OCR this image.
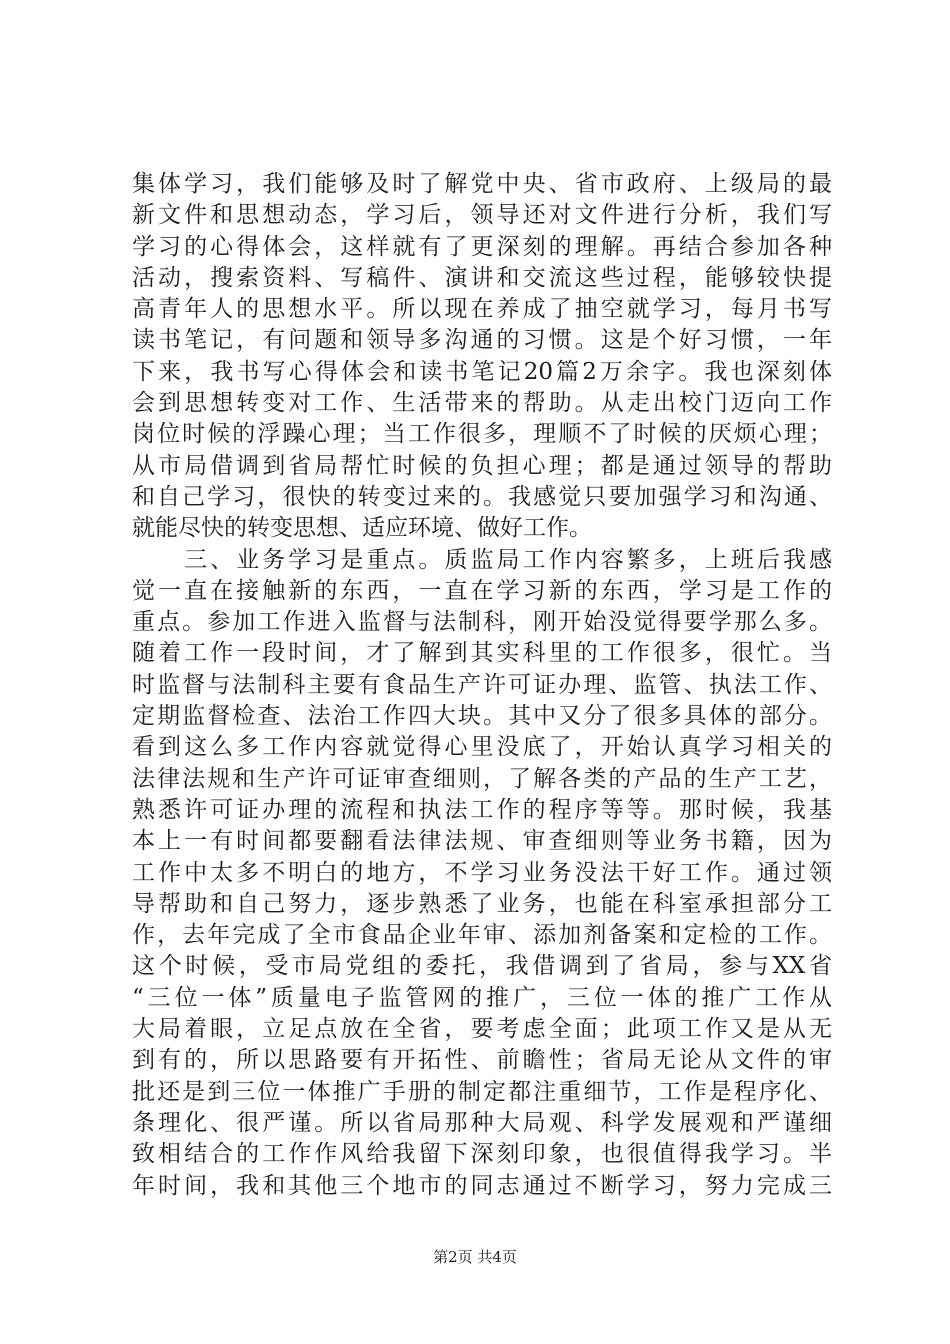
集体学习，我们能够及时了解党中央、省市政府、上级局的最
新文件和思想动态，学习后，领导还对文件进行分析，我们写
学习的心得体会，这样就有了更深刻的理解。再结合参加各种
活动，搜索资料、写稿件、演讲和交流这些过程，能够较快提
高青年人的思想水平。所以现在养成了抽空就学习，每月书写
读书笔记，有问题和领导多沟通的习惯。这是个好习惯，一年
下来，我书写心得体会和读书笔记20篇2万余字。我也深刻体
会到思想转变对工作、生活带来的帮助。从走出校门迈向工作
岗位时候的浮躁心理；当工作很多，理顺不了时候的厌烦心理；
从市局借调到省局帮忙时候的负担心理；都是通过领导的帮助
和自己学习，很快的转变过来的。我感觉只要加强学习和沟通、
就能尽快的转变思想、适应环境、做好工作。
　　三、业务学习是重点。质监局工作内容繁多，上班后我感
觉一直在接触新的东西，一直在学习新的东西，学习是工作的
重点。参加工作进入监督与法制科，刚开始没觉得要学那么多。
随着工作一段时间，才了解到其实科里的工作很多，很忙。当
时监督与法制科主要有食品生产许可证办理、监管、执法工作、
定期监督检查、法治工作四大块。其中又分了很多具体的部分。
看到这么多工作内容就觉得心里没底了，开始认真学习相关的
法律法规和生产许可证审查细则，了解各类的产品的生产工艺，
熟悉许可证办理的流程和执法工作的程序等等。那时候，我基
本上一有时间都要翻看法律法规、审查细则等业务书籍，因为
工作中太多不明白的地方，不学习业务没法干好工作。通过领
导帮助和自己努力，逐步熟悉了业务，也能在科室承担部分工
作，去年完成了全市食品企业年审、添加剂备案和定检的工作。
这个时候，受市局党组的委托，我借调到了省局，参与XX省
“三位一体”质量电子监管网的推广，三位一体的推广工作从
大局着眼，立足点放在全省，要考虑全面；此项工作又是从无
到有的，所以思路要有开拓性、前瞻性；省局无论从文件的审
批还是到三位一体推广手册的制定都注重细节，工作是程序化、
条理化、很严谨。所以省局那种大局观、科学发展观和严谨细
致相结合的工作作风给我留下深刻印象，也很值得我学习。半
年时间，我和其他三个地市的同志通过不断学习，努力完成三
第2页 共4页
